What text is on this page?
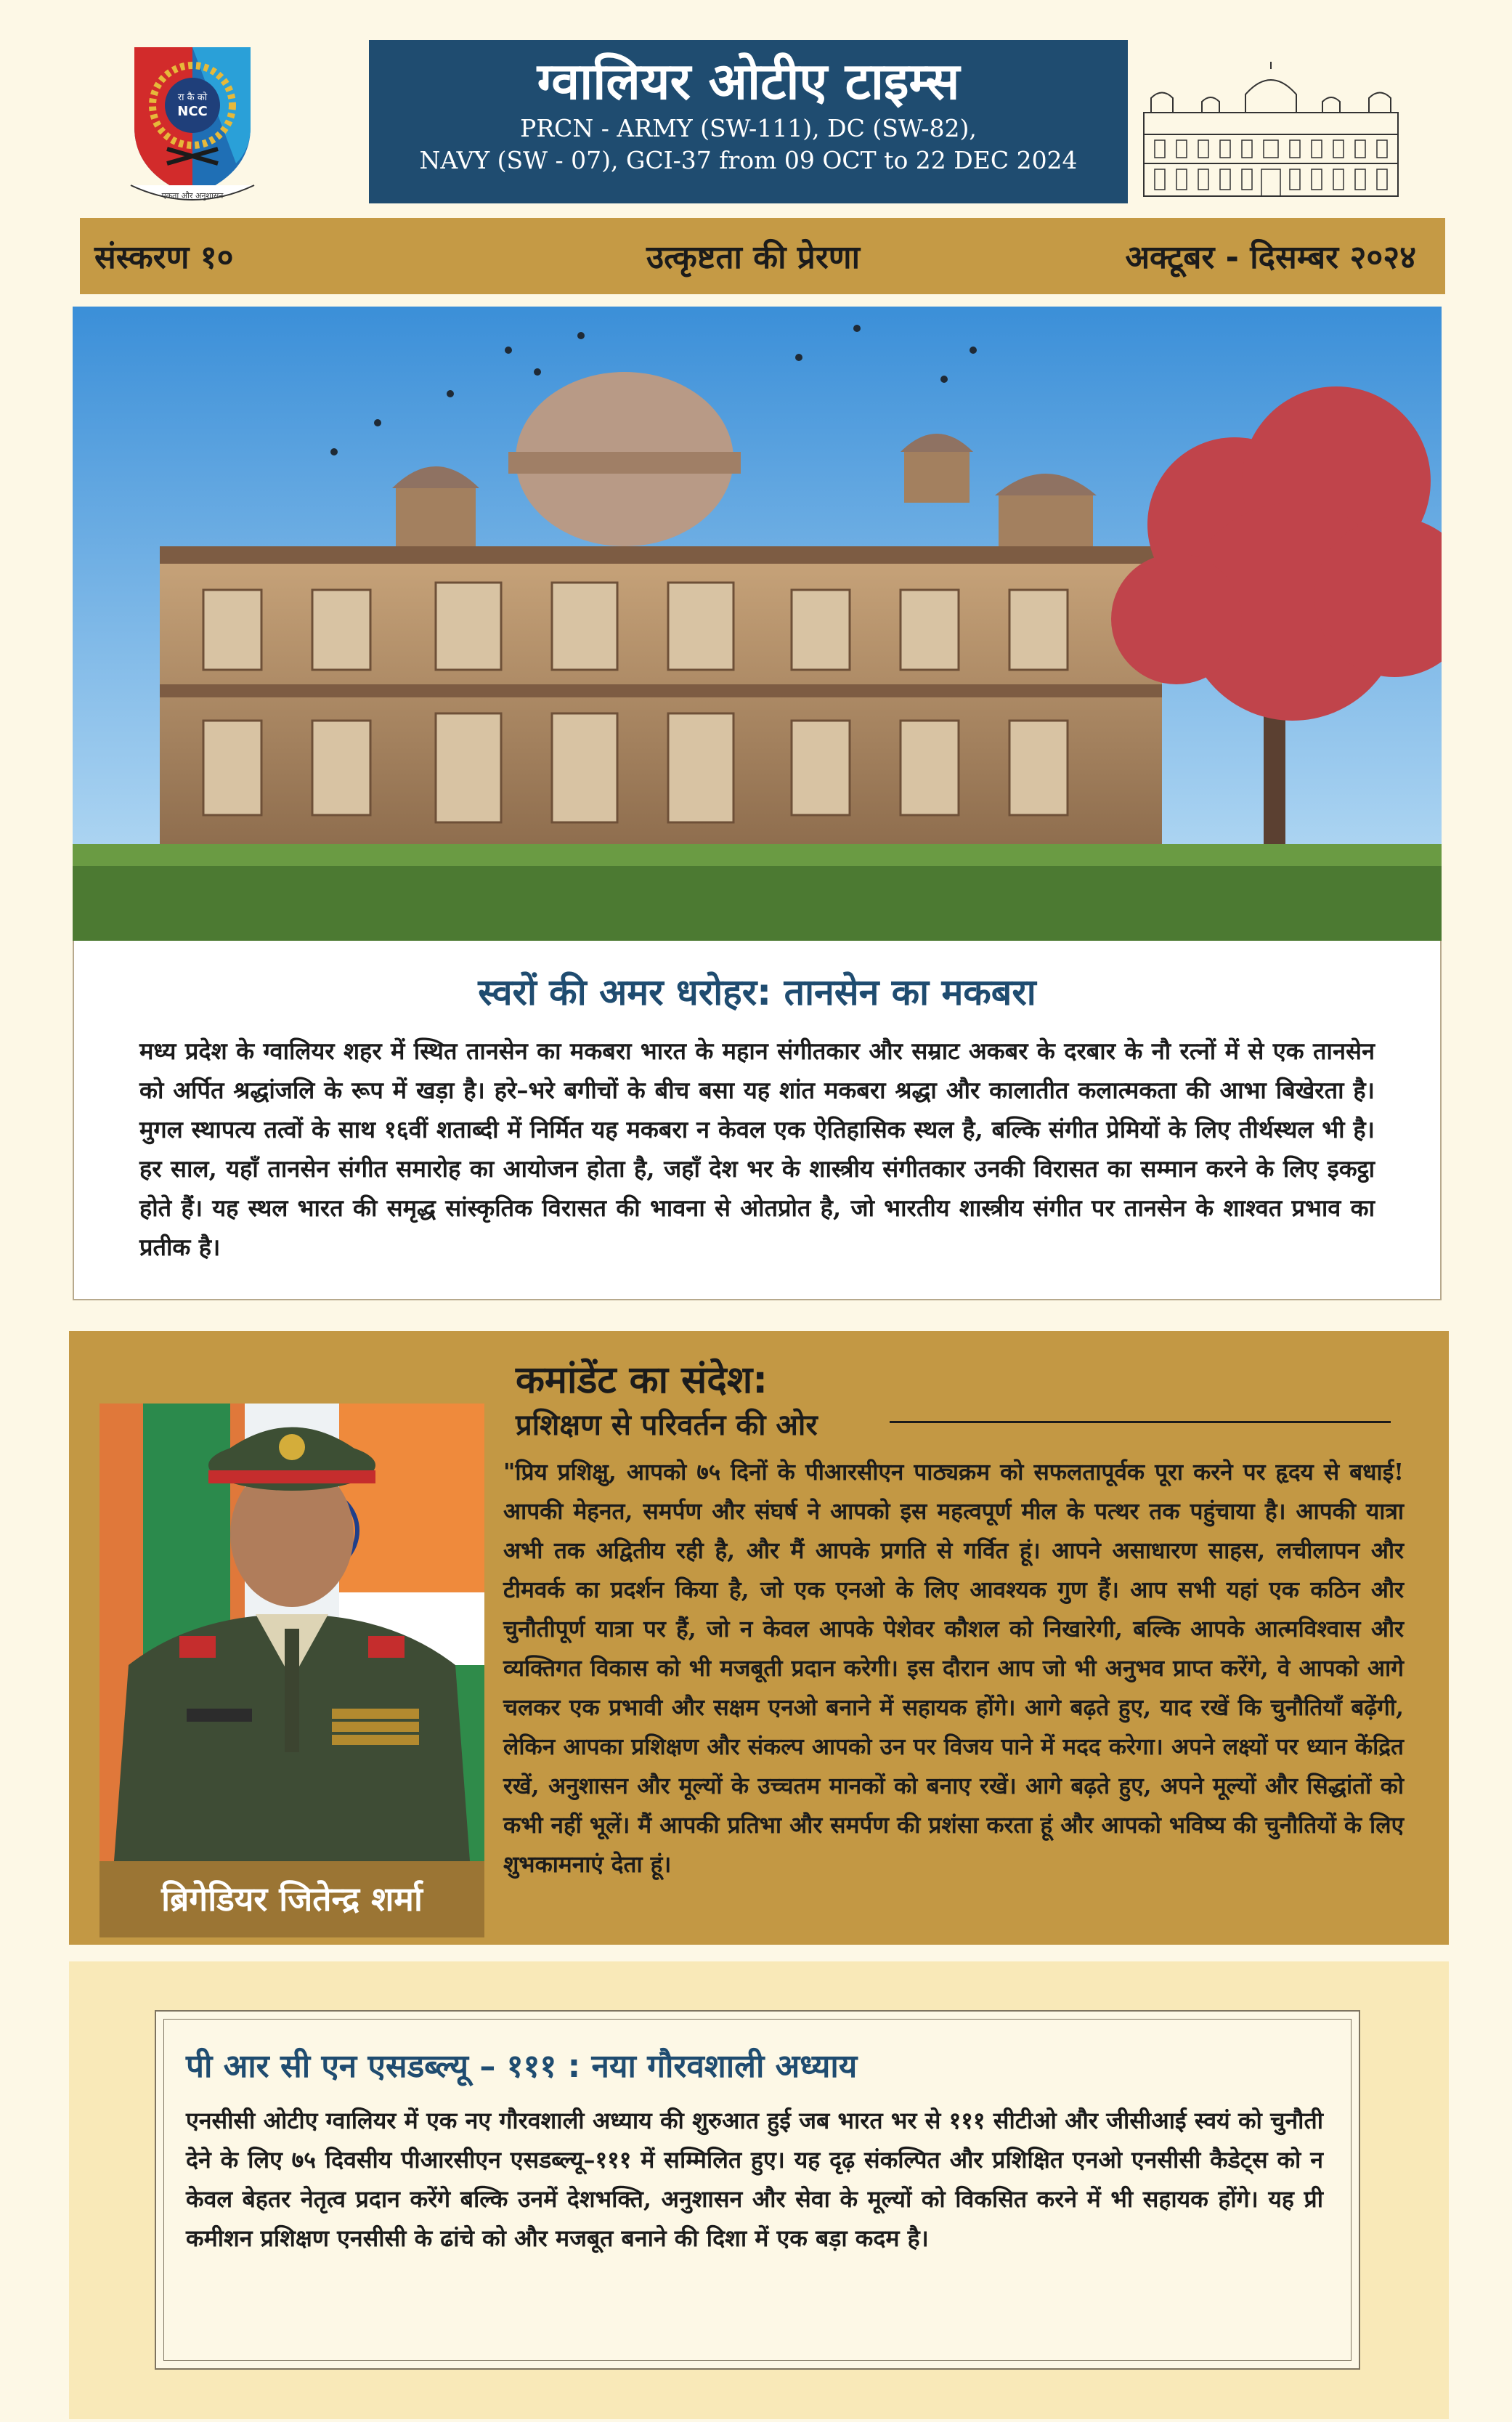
रा कै को
NCC
एकता और अनुशासन
ग्वालियर ओटीए टाइम्स
PRCN - ARMY (SW-111), DC (SW-82),
NAVY (SW - 07), GCI-37 from 09 OCT to 22 DEC 2024
संस्करण १०	उत्कृष्टता की प्रेरणा	अक्टूबर - दिसम्बर २०२४
स्वरों की अमर धरोहर: तानसेन का मकबरा

मध्य प्रदेश के ग्वालियर शहर में स्थित तानसेन का मकबरा भारत के महान संगीतकार और सम्राट अकबर के दरबार के नौ रत्नों में से एक तानसेन को अर्पित श्रद्धांजलि के रूप में खड़ा है। हरे–भरे बगीचों के बीच बसा यह शांत मकबरा श्रद्धा और कालातीत कलात्मकता की आभा बिखेरता है। मुगल स्थापत्य तत्वों के साथ १६वीं शताब्दी में निर्मित यह मकबरा न केवल एक ऐतिहासिक स्थल है, बल्कि संगीत प्रेमियों के लिए तीर्थस्थल भी है। हर साल, यहाँ तानसेन संगीत समारोह का आयोजन होता है, जहाँ देश भर के शास्त्रीय संगीतकार उनकी विरासत का सम्मान करने के लिए इकट्ठा होते हैं। यह स्थल भारत की समृद्ध सांस्कृतिक विरासत की भावना से ओतप्रोत है, जो भारतीय शास्त्रीय संगीत पर तानसेन के शाश्वत प्रभाव का प्रतीक है।

ब्रिगेडियर जितेन्द्र शर्मा
कमांडेंट का संदेश:
प्रशिक्षण से परिवर्तन की ओर

"प्रिय प्रशिक्षु, आपको ७५ दिनों के पीआरसीएन पाठ्यक्रम को सफलतापूर्वक पूरा करने पर हृदय से बधाई! आपकी मेहनत, समर्पण और संघर्ष ने आपको इस महत्वपूर्ण मील के पत्थर तक पहुंचाया है। आपकी यात्रा अभी तक अद्वितीय रही है, और मैं आपके प्रगति से गर्वित हूं। आपने असाधारण साहस, लचीलापन और टीमवर्क का प्रदर्शन किया है, जो एक एनओ के लिए आवश्यक गुण हैं। आप सभी यहां एक कठिन और चुनौतीपूर्ण यात्रा पर हैं, जो न केवल आपके पेशेवर कौशल को निखारेगी, बल्कि आपके आत्मविश्वास और व्यक्तिगत विकास को भी मजबूती प्रदान करेगी। इस दौरान आप जो भी अनुभव प्राप्त करेंगे, वे आपको आगे चलकर एक प्रभावी और सक्षम एनओ बनाने में सहायक होंगे। आगे बढ़ते हुए, याद रखें कि चुनौतियाँ बढ़ेंगी, लेकिन आपका प्रशिक्षण और संकल्प आपको उन पर विजय पाने में मदद करेगा। अपने लक्ष्यों पर ध्यान केंद्रित रखें, अनुशासन और मूल्यों के उच्चतम मानकों को बनाए रखें। आगे बढ़ते हुए, अपने मूल्यों और सिद्धांतों को कभी नहीं भूलें। मैं आपकी प्रतिभा और समर्पण की प्रशंसा करता हूं और आपको भविष्य की चुनौतियों के लिए शुभकामनाएं देता हूं।

पी आर सी एन एसडब्ल्यू – १११ : नया गौरवशाली अध्याय

एनसीसी ओटीए ग्वालियर में एक नए गौरवशाली अध्याय की शुरुआत हुई जब भारत भर से १११ सीटीओ और जीसीआई स्वयं को चुनौती देने के लिए ७५ दिवसीय पीआरसीएन एसडब्ल्यू–१११ में सम्मिलित हुए। यह दृढ़ संकल्पित और प्रशिक्षित एनओ एनसीसी कैडेट्स को न केवल बेहतर नेतृत्व प्रदान करेंगे बल्कि उनमें देशभक्ति, अनुशासन और सेवा के मूल्यों को विकसित करने में भी सहायक होंगे। यह प्री कमीशन प्रशिक्षण एनसीसी के ढांचे को और मजबूत बनाने की दिशा में एक बड़ा कदम है।
